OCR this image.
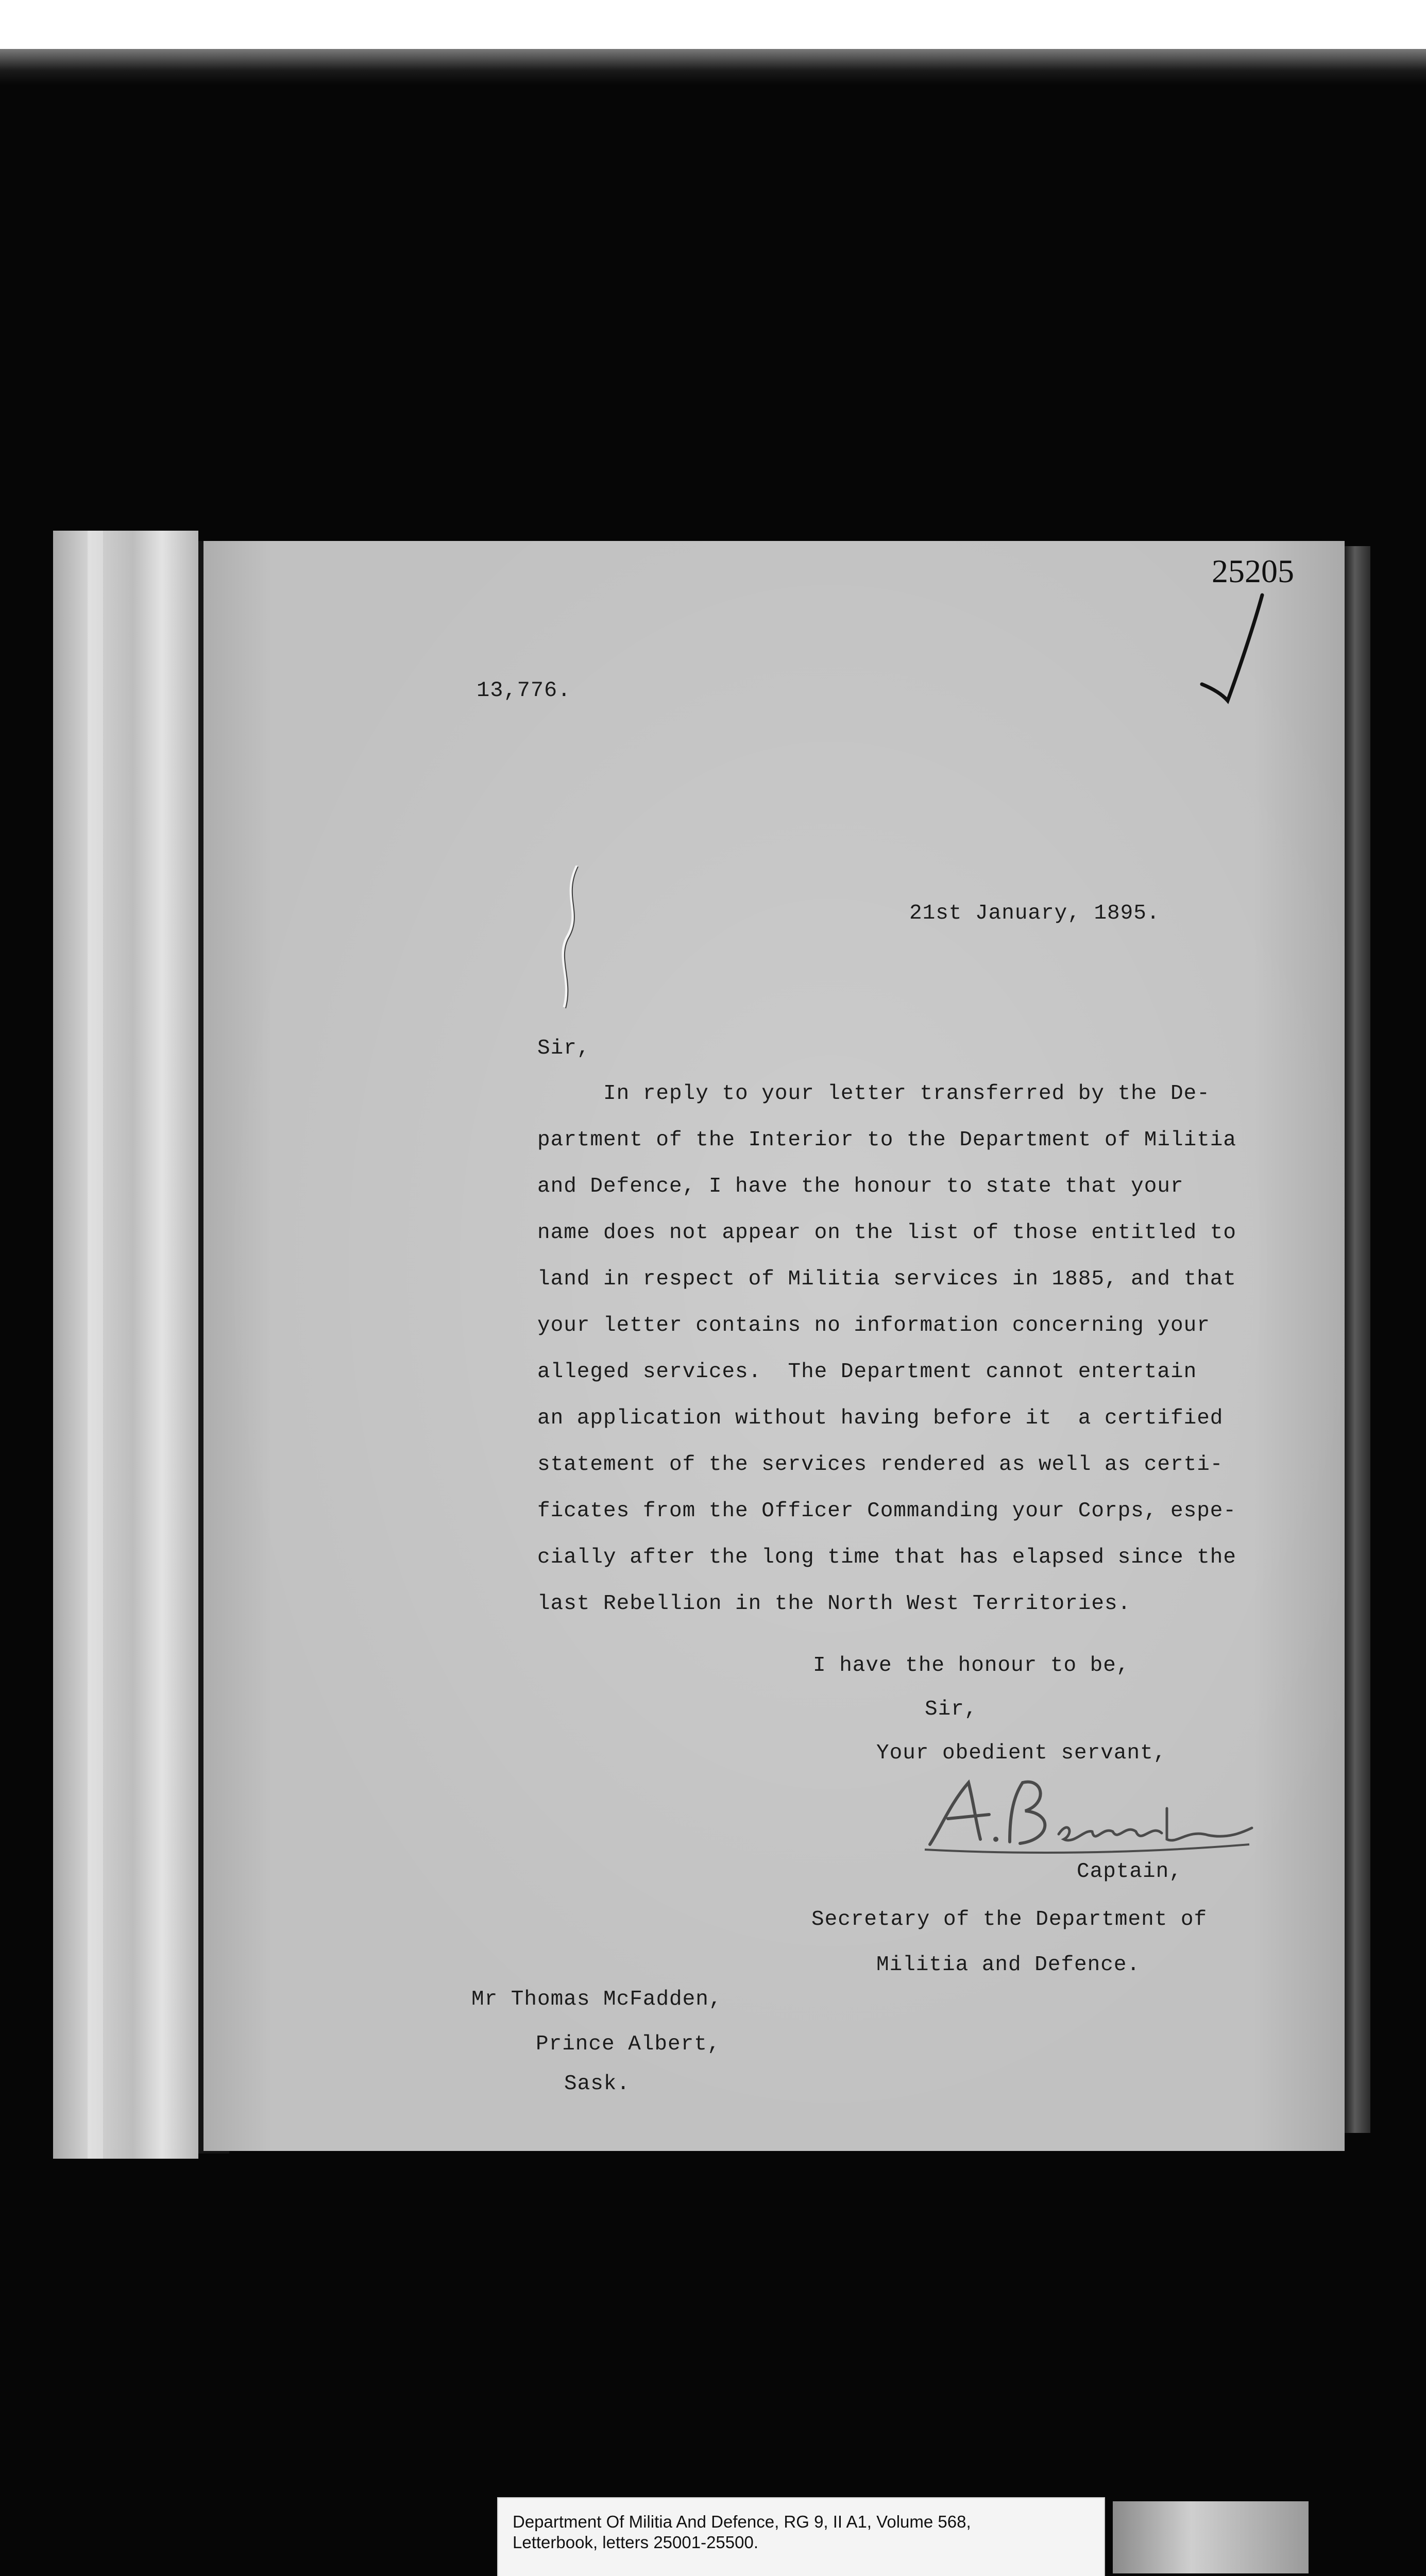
13,776.
21st January, 1895.
Sir,
In reply to your letter transferred by the De-
partment of the Interior to the Department of Militia
and Defence, I have the honour to state that your
name does not appear on the list of those entitled to
land in respect of Militia services in 1885, and that
your letter contains no information concerning your
alleged services.  The Department cannot entertain
an application without having before it  a certified
statement of the services rendered as well as certi-
ficates from the Officer Commanding your Corps, espe-
cially after the long time that has elapsed since the
last Rebellion in the North West Territories.
I have the honour to be,
Sir,
Your obedient servant,
Captain,
Secretary of the Department of
Militia and Defence.
Mr Thomas McFadden,
Prince Albert,
Sask.
25205
Department Of Militia And Defence, RG 9, II A1, Volume 568,
Letterbook, letters 25001-25500.
